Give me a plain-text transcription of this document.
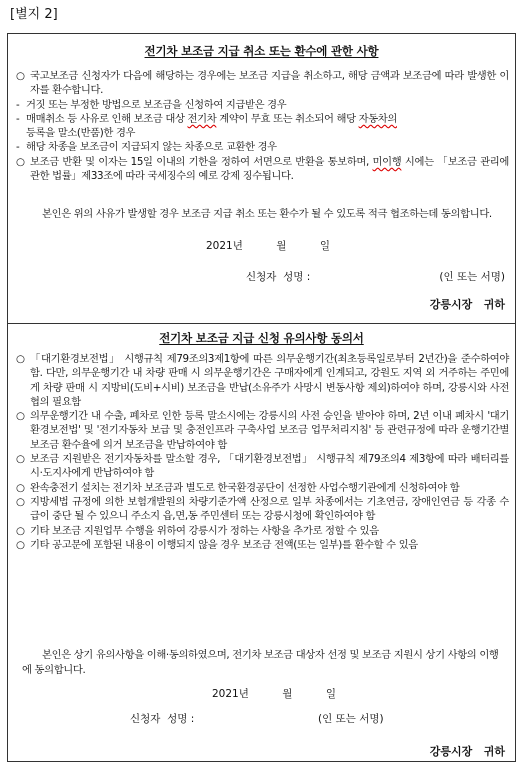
[별지 2]
전기차 보조금 지급 취소 또는 환수에 관한 사항
○ 국고보조금 신청자가 다음에 해당하는 경우에는 보조금 지급을 취소하고, 해당 금액과 보조금에 따라 발생한 이자를 환수합니다.
- 거짓 또는 부정한 방법으로 보조금을 신청하여 지급받은 경우
- 매매취소 등 사유로 인해 보조금 대상 전기차 계약이 무효 또는 취소되어 해당 자동차의
등록을 말소(반품)한 경우
- 해당 차종을 보조금이 지급되지 않는 차종으로 교환한 경우
○ 보조금 반환 및 이자는 15일 이내의 기한을 정하여 서면으로 반환을 통보하며, 미이행 시에는 「보조금 관리에 관한 법률」제33조에 따라 국세징수의 예로 강제 징수됩니다.
본인은 위의 사유가 발생할 경우 보조금 지급 취소 또는 환수가 될 수 있도록 적극 협조하는데 동의합니다.
2021년	월	일
신청자  성명 :	(인 또는 서명)
강릉시장   귀하
전기차 보조금 지급 신청 유의사항 동의서
○ 「대기환경보전법」 시행규칙 제79조의3제1항에 따른 의무운행기간(최초등록일로부터 2년간)을 준수하여야 함. 다만, 의무운행기간 내 차량 판매 시 의무운행기간은 구매자에게 인계되고, 강원도 지역 외 거주하는 주민에게 차량 판매 시 지방비(도비+시비) 보조금을 반납(소유주가 사망시 변동사항 제외)하여야 하며, 강릉시와 사전 협의 필요함
○ 의무운행기간 내 수출, 폐차로 인한 등록 말소시에는 강릉시의 사전 승인을 받아야 하며, 2년 이내 폐차시 '대기환경보전법' 및 '전기자동차 보급 및 충전인프라 구축사업 보조금 업무처리지침' 등 관련규정에 따라 운행기간별 보조금 환수율에 의거 보조금을 반납하여야 함
○ 보조금 지원받은 전기자동차를 말소할 경우, 「대기환경보전법」 시행규칙 제79조의4 제3항에 따라 배터리를 시·도지사에게 반납하여야 함
○ 완속충전기 설치는 전기차 보조금과 별도로 한국환경공단이 선정한 사업수행기관에게 신청하여야 함
○ 지방세법 규정에 의한 보험개발원의 차량기준가액 산정으로 일부 차종에서는 기초연금, 장애인연금 등 각종 수급이 중단 될 수 있으니 주소지 읍,면,동 주민센터 또는 강릉시청에 확인하여야 함
○ 기타 보조금 지원업무 수행을 위하여 강릉시가 정하는 사항을 추가로 정할 수 있음
○ 기타 공고문에 포함된 내용이 이행되지 않을 경우 보조금 전액(또는 일부)를 환수할 수 있음
본인은 상기 유의사항을 이해·동의하였으며, 전기차 보조금 대상자 선정 및 보조금 지원시 상기 사항의 이행에 동의합니다.
2021년	월	일
신청자  성명 :	(인 또는 서명)
강릉시장   귀하
